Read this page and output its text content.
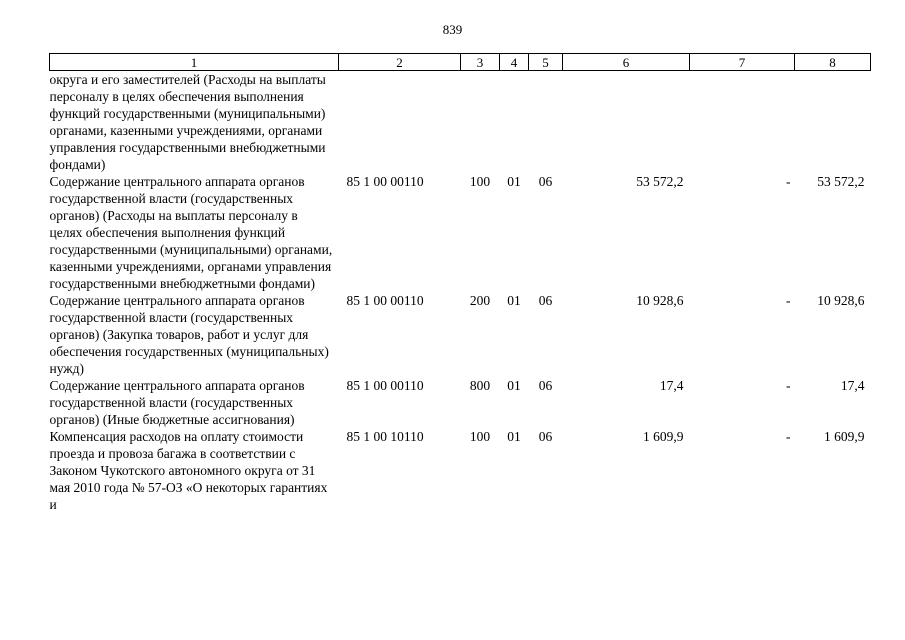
839
1	2	3	4	5	6	7	8
округа и его заместителей (Расходы на выплаты персоналу в целях обеспечения выполнения функций государственными (муниципальными) органами, казенными учреждениями, органами управления государственными внебюджетными фондами)							
Содержание центрального аппарата органов государственной власти (государственных органов) (Расходы на выплаты персоналу в целях обеспечения выполнения функций государственными (муниципальными) органами, казенными учреждениями, органами управления государственными внебюджетными фондами)	85 1 00 00110	100	01	06	53 572,2	-	53 572,2
Содержание центрального аппарата органов государственной власти (государственных органов) (Закупка товаров, работ и услуг для обеспечения государственных (муниципальных) нужд)	85 1 00 00110	200	01	06	10 928,6	-	10 928,6
Содержание центрального аппарата органов государственной власти (государственных органов) (Иные бюджетные ассигнования)	85 1 00 00110	800	01	06	17,4	-	17,4
Компенсация расходов на оплату стоимости проезда и провоза багажа в соответствии с Законом Чукотского автономного округа от 31 мая 2010 года № 57-ОЗ «О некоторых гарантиях и	85 1 00 10110	100	01	06	1 609,9	-	1 609,9
